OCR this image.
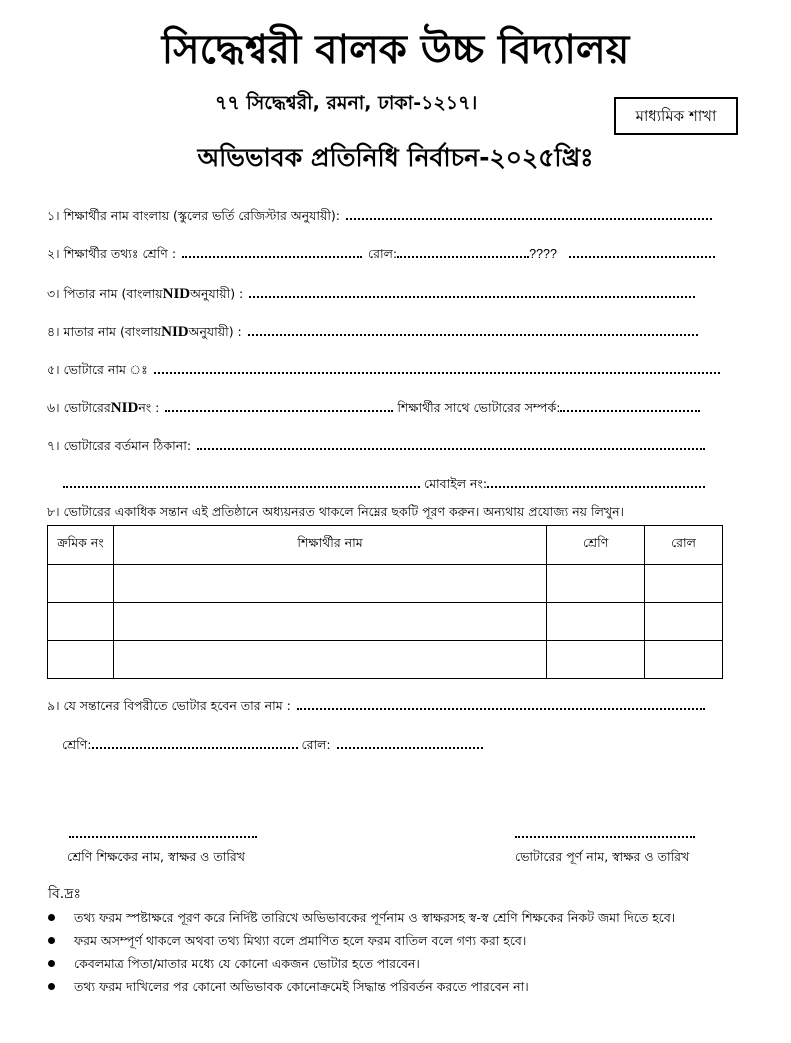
সিদ্ধেশ্বরী বালক উচ্চ বিদ্যালয়
৭৭ সিদ্ধেশ্বরী, রমনা, ঢাকা-১২১৭।
মাধ্যমিক শাখা
অভিভাবক প্রতিনিধি নির্বাচন-২০২৫খ্রিঃ
১। শিক্ষার্থীর নাম বাংলায় (স্কুলের ভর্তি রেজিস্টার অনুযায়ী):
২। শিক্ষার্থীর তথ্যঃ শ্রেণি :	রোল:	????
৩। পিতার নাম (বাংলায় NID অনুযায়ী) :
৪। মাতার নাম (বাংলায় NID অনুযায়ী) :
৫। ভোটারে নাম ঃ
৬। ভোটারের NID নং :	শিক্ষার্থীর সাথে ভোটারের সম্পর্ক:
৭। ভোটারের বর্তমান ঠিকানা:
মোবাইল নং:
৮। ভোটারের একাধিক সন্তান এই প্রতিষ্ঠানে অধ্যয়নরত থাকলে নিম্নের ছকটি পূরণ করুন। অন্যথায় প্রযোজ্য নয় লিখুন।
ক্রমিক নং	শিক্ষার্থীর নাম	শ্রেণি	রোল

৯। যে সন্তানের বিপরীতে ভোটার হবেন তার নাম :
শ্রেণি:	রোল:
শ্রেণি শিক্ষকের নাম, স্বাক্ষর ও তারিখ	ভোটারের পূর্ণ নাম, স্বাক্ষর ও তারিখ
বি.দ্রঃ
তথ্য ফরম স্পষ্টাক্ষরে পূরণ করে নির্দিষ্ট তারিখে অভিভাবকের পূর্ণনাম ও স্বাক্ষরসহ স্ব-স্ব শ্রেণি শিক্ষকের নিকট জমা দিতে হবে।
ফরম অসম্পূর্ণ থাকলে অথবা তথ্য মিথ্যা বলে প্রমাণিত হলে ফরম বাতিল বলে গণ্য করা হবে।
কেবলমাত্র পিতা/মাতার মধ্যে যে কোনো একজন ভোটার হতে পারবেন।
তথ্য ফরম দাখিলের পর কোনো অভিভাবক কোনোক্রমেই সিদ্ধান্ত পরিবর্তন করতে পারবেন না।
